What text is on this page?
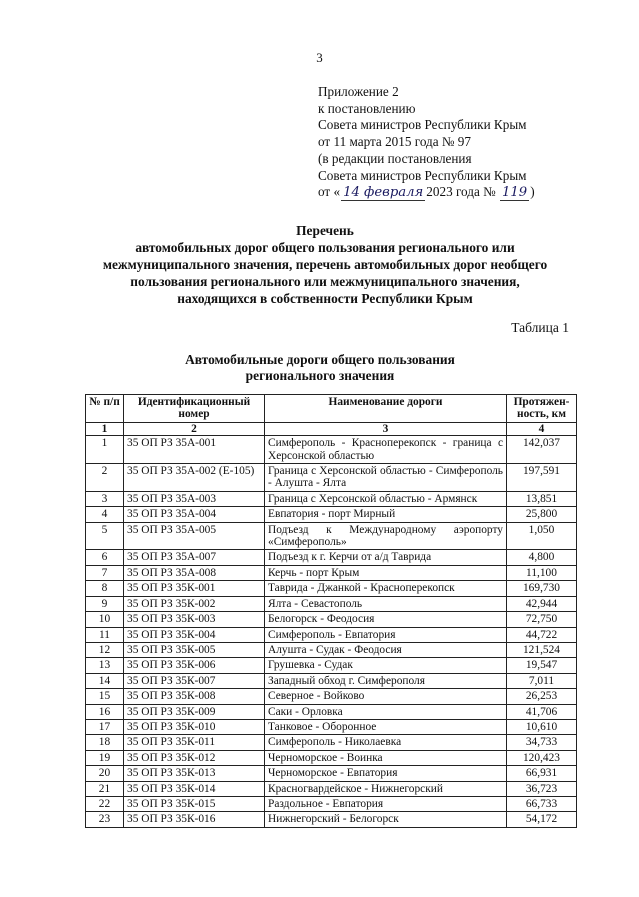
3
Приложение 2
к постановлению
Совета министров Республики Крым
от 11 марта 2015 года № 97
(в редакции постановления
Совета министров Республики Крым
от « 14 февраля 2023 года № 119 )
Перечень
автомобильных дорог общего пользования регионального или
межмуниципального значения, перечень автомобильных дорог необщего
пользования регионального или межмуниципального значения,
находящихся в собственности Республики Крым
Таблица 1
Автомобильные дороги общего пользования
регионального значения
№ п/п	Идентификационный номер	Наименование дороги	Протяжен-ность, км
1	2	3	4
1	35 ОП РЗ 35А-001	Симферополь - Красноперекопск - граница с Херсонской областью	142,037
2	35 ОП РЗ 35А-002 (Е-105)	Граница с Херсонской областью - Симферополь - Алушта - Ялта	197,591
3	35 ОП РЗ 35А-003	Граница с Херсонской областью - Армянск	13,851
4	35 ОП РЗ 35А-004	Евпатория - порт Мирный	25,800
5	35 ОП РЗ 35А-005	Подъезд к Международному аэропорту «Симферополь»	1,050
6	35 ОП РЗ 35А-007	Подъезд к г. Керчи от а/д Таврида	4,800
7	35 ОП РЗ 35А-008	Керчь - порт Крым	11,100
8	35 ОП РЗ 35К-001	Таврида - Джанкой - Красноперекопск	169,730
9	35 ОП РЗ 35К-002	Ялта - Севастополь	42,944
10	35 ОП РЗ 35К-003	Белогорск - Феодосия	72,750
11	35 ОП РЗ 35К-004	Симферополь - Евпатория	44,722
12	35 ОП РЗ 35К-005	Алушта - Судак - Феодосия	121,524
13	35 ОП РЗ 35К-006	Грушевка - Судак	19,547
14	35 ОП РЗ 35К-007	Западный обход г. Симферополя	7,011
15	35 ОП РЗ 35К-008	Северное - Войково	26,253
16	35 ОП РЗ 35К-009	Саки - Орловка	41,706
17	35 ОП РЗ 35К-010	Танковое - Оборонное	10,610
18	35 ОП РЗ 35К-011	Симферополь - Николаевка	34,733
19	35 ОП РЗ 35К-012	Черноморское - Воинка	120,423
20	35 ОП РЗ 35К-013	Черноморское - Евпатория	66,931
21	35 ОП РЗ 35К-014	Красногвардейское - Нижнегорский	36,723
22	35 ОП РЗ 35К-015	Раздольное - Евпатория	66,733
23	35 ОП РЗ 35К-016	Нижнегорский - Белогорск	54,172
